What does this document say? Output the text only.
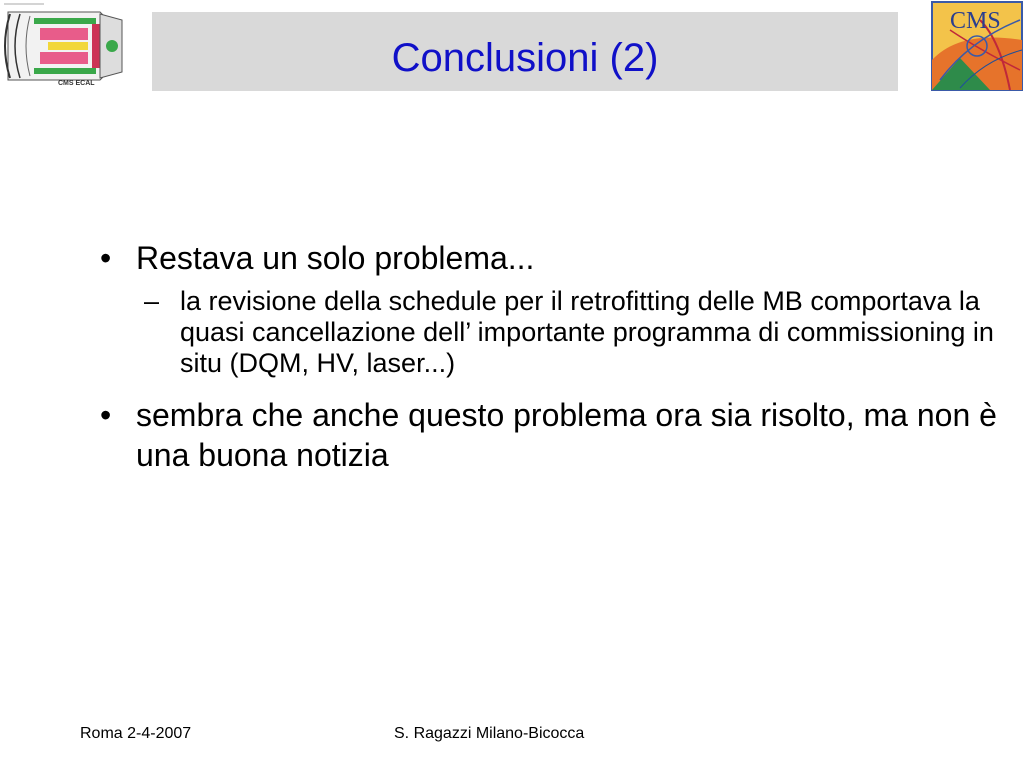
CMS ECAL
Conclusioni (2)
CMS
• Restava un solo problema...
– la revisione della schedule per il retrofitting delle MB comportava la quasi cancellazione dell’ importante programma di commissioning in situ (DQM, HV, laser...)
• sembra che anche questo problema ora sia risolto, ma non è una buona notizia
Roma 2-4-2007	S. Ragazzi Milano-Bicocca
